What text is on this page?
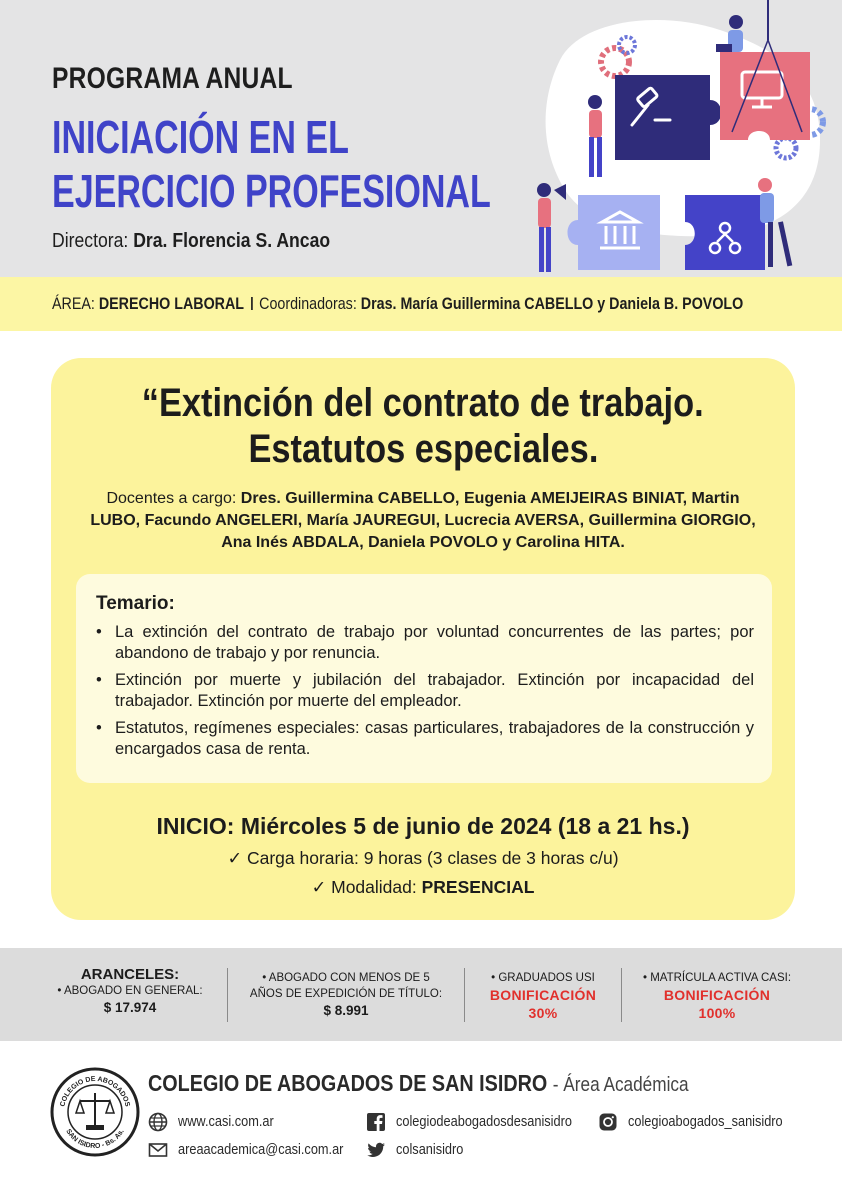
PROGRAMA ANUAL
INICIACIÓN EN EL
EJERCICIO PROFESIONAL
Directora: Dra. Florencia S. Ancao
ÁREA: DERECHO LABORAL Coordinadoras: Dras. María Guillermina CABELLO y Daniela B. POVOLO
“Extinción del contrato de trabajo.
Estatutos especiales.
Docentes a cargo: Dres. Guillermina CABELLO, Eugenia AMEIJEIRAS BINIAT, Martin LUBO, Facundo ANGELERI, María JAUREGUI, Lucrecia AVERSA, Guillermina GIORGIO, Ana Inés ABDALA, Daniela POVOLO y Carolina HITA.
Temario:
• La extinción del contrato de trabajo por voluntad concurrentes de las partes; por abandono de trabajo y por renuncia.
• Extinción por muerte y jubilación del trabajador. Extinción por incapacidad del trabajador. Extinción por muerte del empleador.
• Estatutos, regímenes especiales: casas particulares, trabajadores de la construcción y encargados casa de renta.
INICIO: Miércoles 5 de junio de 2024 (18 a 21 hs.)
✓ Carga horaria: 9 horas (3 clases de 3 horas c/u)
✓ Modalidad: PRESENCIAL
ARANCELES:
• ABOGADO EN GENERAL:
$ 17.974
• ABOGADO CON MENOS DE 5
AÑOS DE EXPEDICIÓN DE TÍTULO:
$ 8.991
• GRADUADOS USI
BONIFICACIÓN
30%
• MATRÍCULA ACTIVA CASI:
BONIFICACIÓN
100%
COLEGIO DE ABOGADOS
SAN ISIDRO - Bs. As.
COLEGIO DE ABOGADOS DE SAN ISIDRO - Área Académica
www.casi.com.ar
areaacademica@casi.com.ar
colegiodeabogadosdesanisidro
colsanisidro
colegioabogados_sanisidro
